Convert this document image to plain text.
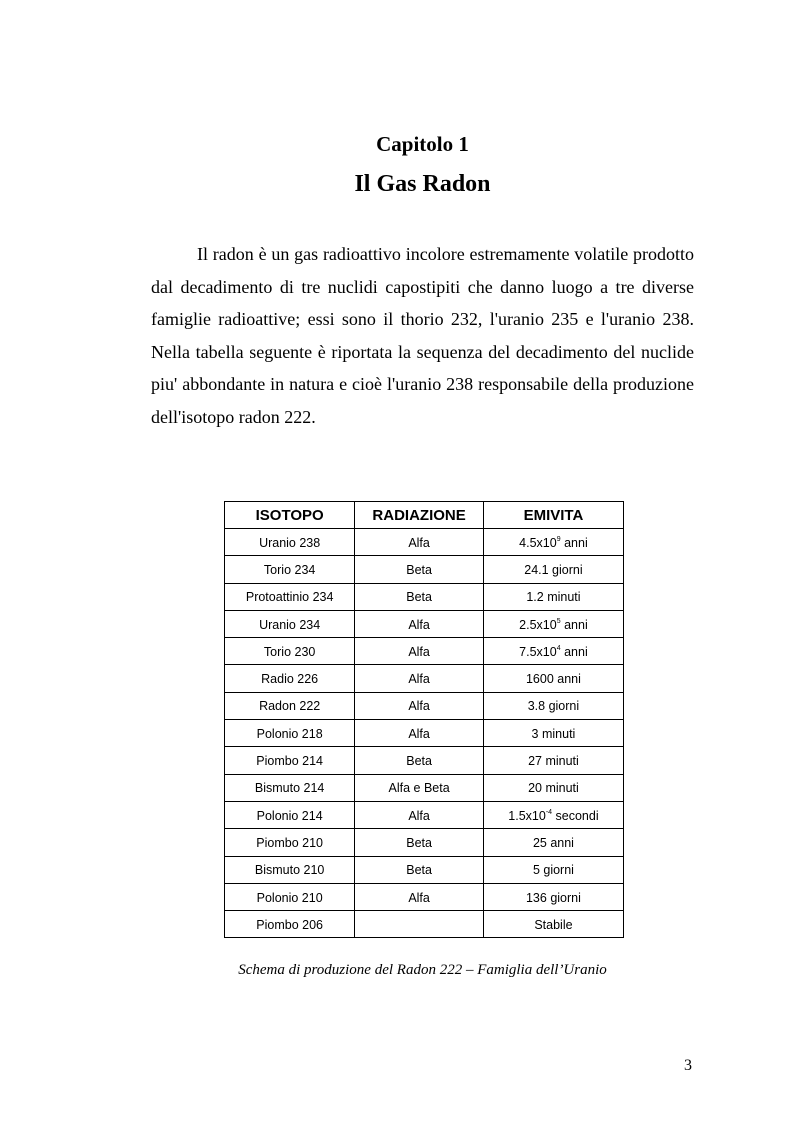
Capitolo 1
Il Gas Radon

Il radon è un gas radioattivo incolore estremamente volatile prodotto dal decadimento di tre nuclidi capostipiti che danno luogo a tre diverse famiglie radioattive; essi sono il thorio 232, l'uranio 235 e l'uranio 238. Nella tabella seguente è riportata la sequenza del decadimento del nuclide piu' abbondante in natura e cioè l'uranio 238 responsabile della produzione dell'isotopo radon 222.

ISOTOPO	RADIAZIONE	EMIVITA
Uranio 238	Alfa	$4.5x10^9$ anni
Torio 234	Beta	24.1 giorni
Protoattinio 234	Beta	1.2 minuti
Uranio 234	Alfa	$2.5x10^5$ anni
Torio 230	Alfa	$7.5x10^4$ anni
Radio 226	Alfa	1600 anni
Radon 222	Alfa	3.8 giorni
Polonio 218	Alfa	3 minuti
Piombo 214	Beta	27 minuti
Bismuto 214	Alfa e Beta	20 minuti
Polonio 214	Alfa	$1.5x10^{-4}$ secondi
Piombo 210	Beta	25 anni
Bismuto 210	Beta	5 giorni
Polonio 210	Alfa	136 giorni
Piombo 206		Stabile
Schema di produzione del Radon 222 – Famiglia dell’Uranio
3
